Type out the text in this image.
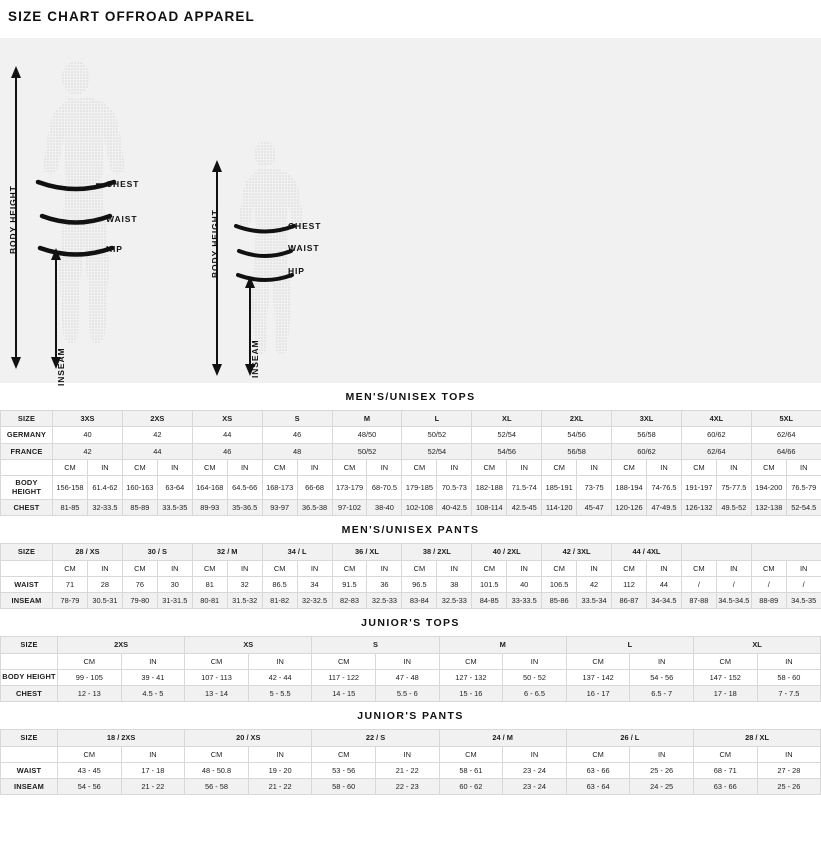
SIZE CHART OFFROAD APPAREL
CHEST
WAIST
HIP
BODY HEIGHT
INSEAM
CHEST
WAIST
HIP
BODY HEIGHT
INSEAM
MEN'S/UNISEX TOPS
SIZE	3XS		2XS		XS		S		M		L		XL		2XL		3XL		4XL		5XL	
GERMANY	40		42		44		46		48/50		50/52		52/54		54/56		56/58		60/62		62/64	
FRANCE	42		44		46		48		50/52		52/54		54/56		56/58		60/62		62/64		64/66	
	CM	IN	CM	IN	CM	IN	CM	IN	CM	IN	CM	IN	CM	IN	CM	IN	CM	IN	CM	IN	CM	IN
BODY HEIGHT	156-158	61.4-62	160-163	63-64	164-168	64.5-66	168-173	66-68	173-179	68-70.5	179-185	70.5-73	182-188	71.5-74	185-191	73-75	188-194	74-76.5	191-197	75-77.5	194-200	76.5-79
CHEST	81-85	32-33.5	85-89	33.5-35	89-93	35-36.5	93-97	36.5-38	97-102	38-40	102-108	40-42.5	108-114	42.5-45	114-120	45-47	120-126	47-49.5	126-132	49.5-52	132-138	52-54.5
MEN'S/UNISEX PANTS
SIZE	28 / XS		30 / S		32 / M		34 / L		36 / XL		38 / 2XL		40 / 2XL		42 / 3XL		44 / 4XL					
	CM	IN	CM	IN	CM	IN	CM	IN	CM	IN	CM	IN	CM	IN	CM	IN	CM	IN	CM	IN	CM	IN
WAIST	71	28	76	30	81	32	86.5	34	91.5	36	96.5	38	101.5	40	106.5	42	112	44	/	/	/	/
INSEAM	78-79	30.5-31	79-80	31-31.5	80-81	31.5-32	81-82	32-32.5	82-83	32.5-33	83-84	32.5-33	84-85	33-33.5	85-86	33.5-34	86-87	34-34.5	87-88	34.5-34.5	88-89	34.5-35
JUNIOR'S TOPS
SIZE	2XS		XS		S		M		L		XL	
	CM	IN	CM	IN	CM	IN	CM	IN	CM	IN	CM	IN
BODY HEIGHT	99 - 105	39 - 41	107 - 113	42 - 44	117 - 122	47 - 48	127 - 132	50 - 52	137 - 142	54 - 56	147 - 152	58 - 60
CHEST	12 - 13	4.5 - 5	13 - 14	5 - 5.5	14 - 15	5.5 - 6	15 - 16	6 - 6.5	16 - 17	6.5 - 7	17 - 18	7 - 7.5
JUNIOR'S PANTS
SIZE	18 / 2XS		20 / XS		22 / S		24 / M		26 / L		28 / XL	
	CM	IN	CM	IN	CM	IN	CM	IN	CM	IN	CM	IN
WAIST	43 - 45	17 - 18	48 - 50.8	19 - 20	53 - 56	21 - 22	58 - 61	23 - 24	63 - 66	25 - 26	68 - 71	27 - 28
INSEAM	54 - 56	21 - 22	56 - 58	21 - 22	58 - 60	22 - 23	60 - 62	23 - 24	63 - 64	24 - 25	63 - 66	25 - 26
